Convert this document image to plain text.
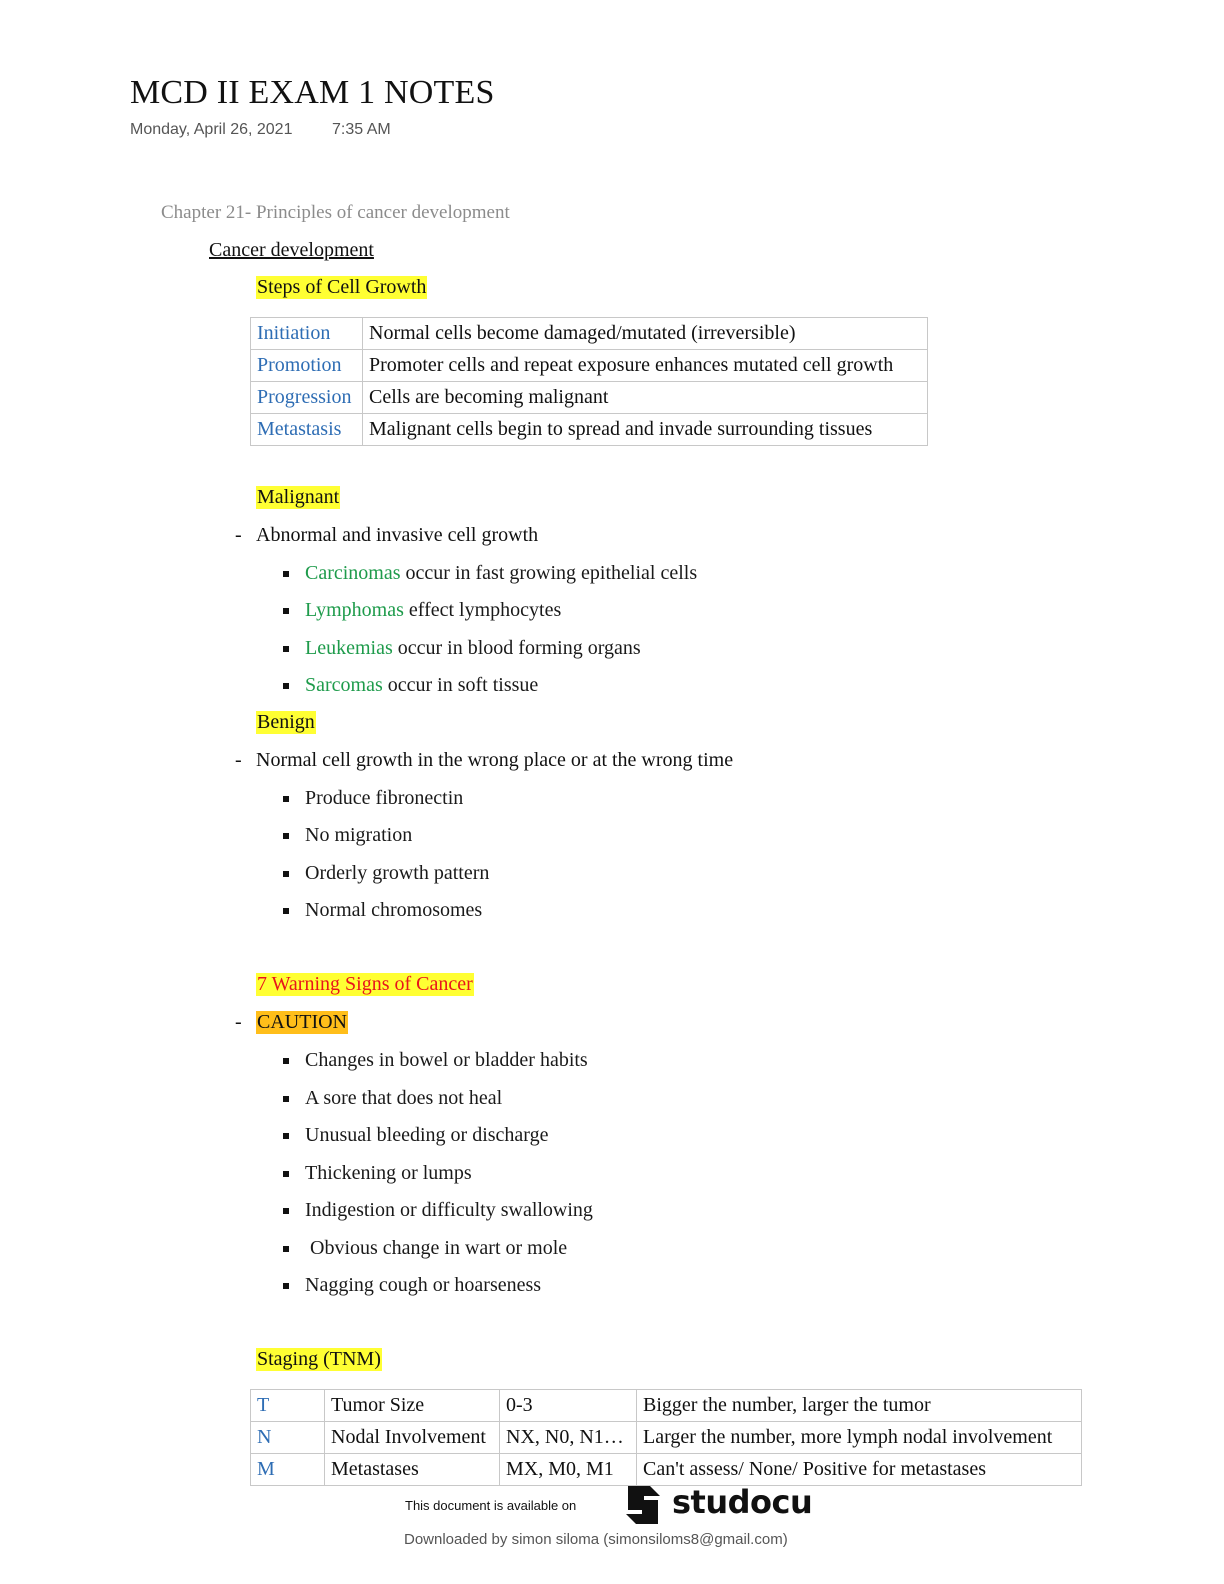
MCD II EXAM 1 NOTES
Monday, April 26, 2021 7:35 AM
Chapter 21- Principles of cancer development
Cancer development
Steps of Cell Growth
Initiation	Normal cells become damaged/mutated (irreversible)
Promotion	Promoter cells and repeat exposure enhances mutated cell growth
Progression	Cells are becoming malignant
Metastasis	Malignant cells begin to spread and invade surrounding tissues
Malignant
- Abnormal and invasive cell growth
Carcinomas occur in fast growing epithelial cells
Lymphomas effect lymphocytes
Leukemias occur in blood forming organs
Sarcomas occur in soft tissue
Benign
- Normal cell growth in the wrong place or at the wrong time
Produce fibronectin
No migration
Orderly growth pattern
Normal chromosomes
7 Warning Signs of Cancer
- CAUTION
Changes in bowel or bladder habits
A sore that does not heal
Unusual bleeding or discharge
Thickening or lumps
Indigestion or difficulty swallowing
Obvious change in wart or mole
Nagging cough or hoarseness
Staging (TNM)
T	Tumor Size	0-3	Bigger the number, larger the tumor
N	Nodal Involvement	NX, N0, N1…	Larger the number, more lymph nodal involvement
M	Metastases	MX, M0, M1	Can't assess/ None/ Positive for metastases
This document is available on	studocu
Downloaded by simon siloma (simonsiloms8@gmail.com)
